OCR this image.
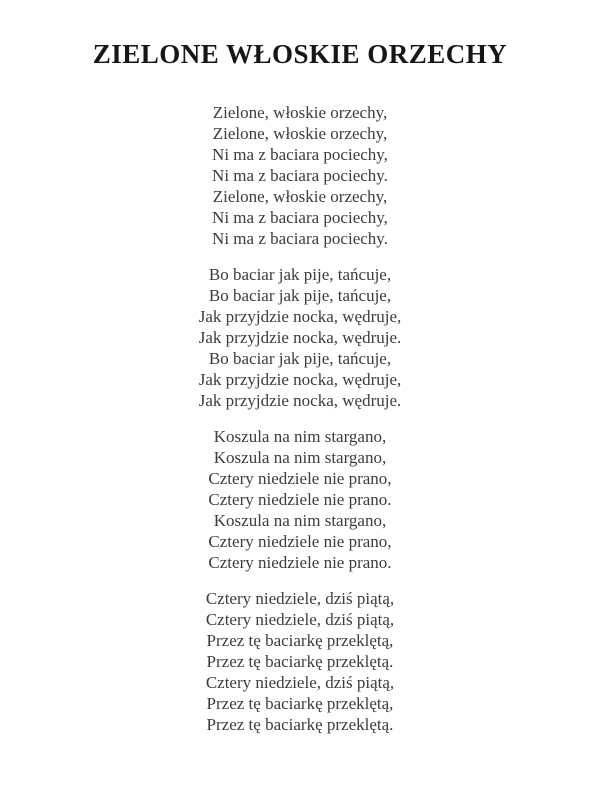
ZIELONE WŁOSKIE ORZECHY

Zielone, włoskie orzechy,

Zielone, włoskie orzechy,

Ni ma z baciara pociechy,

Ni ma z baciara pociechy.

Zielone, włoskie orzechy,

Ni ma z baciara pociechy,

Ni ma z baciara pociechy.

Bo baciar jak pije, tańcuje,

Bo baciar jak pije, tańcuje,

Jak przyjdzie nocka, wędruje,

Jak przyjdzie nocka, wędruje.

Bo baciar jak pije, tańcuje,

Jak przyjdzie nocka, wędruje,

Jak przyjdzie nocka, wędruje.

Koszula na nim stargano,

Koszula na nim stargano,

Cztery niedziele nie prano,

Cztery niedziele nie prano.

Koszula na nim stargano,

Cztery niedziele nie prano,

Cztery niedziele nie prano.

Cztery niedziele, dziś piątą,

Cztery niedziele, dziś piątą,

Przez tę baciarkę przeklętą,

Przez tę baciarkę przeklętą.

Cztery niedziele, dziś piątą,

Przez tę baciarkę przeklętą,

Przez tę baciarkę przeklętą.
